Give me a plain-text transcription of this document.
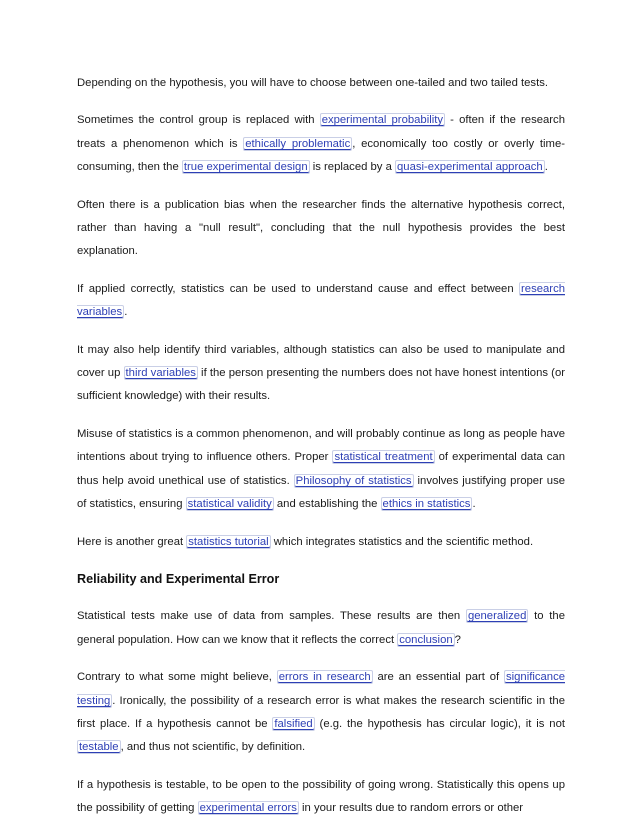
Depending on the hypothesis, you will have to choose between one-tailed and two tailed tests.

Sometimes the control group is replaced with experimental probability - often if the research treats a phenomenon which is ethically problematic , economically too costly or overly time-consuming, then the true experimental design is replaced by a quasi-experimental approach .

Often there is a publication bias when the researcher finds the alternative hypothesis correct, rather than having a "null result", concluding that the null hypothesis provides the best explanation.

If applied correctly, statistics can be used to understand cause and effect between research variables .

It may also help identify third variables, although statistics can also be used to manipulate and cover up third variables if the person presenting the numbers does not have honest intentions (or sufficient knowledge) with their results.

Misuse of statistics is a common phenomenon, and will probably continue as long as people have intentions about trying to influence others. Proper statistical treatment of experimental data can thus help avoid unethical use of statistics. Philosophy of statistics involves justifying proper use of statistics, ensuring statistical validity and establishing the ethics in statistics .

Here is another great statistics tutorial which integrates statistics and the scientific method.

Reliability and Experimental Error

Statistical tests make use of data from samples. These results are then generalized to the general population. How can we know that it reflects the correct conclusion ?

Contrary to what some might believe, errors in research are an essential part of significance testing . Ironically, the possibility of a research error is what makes the research scientific in the first place. If a hypothesis cannot be falsified (e.g. the hypothesis has circular logic), it is not testable , and thus not scientific, by definition.

If a hypothesis is testable, to be open to the possibility of going wrong. Statistically this opens up the possibility of getting experimental errors in your results due to random errors or other
